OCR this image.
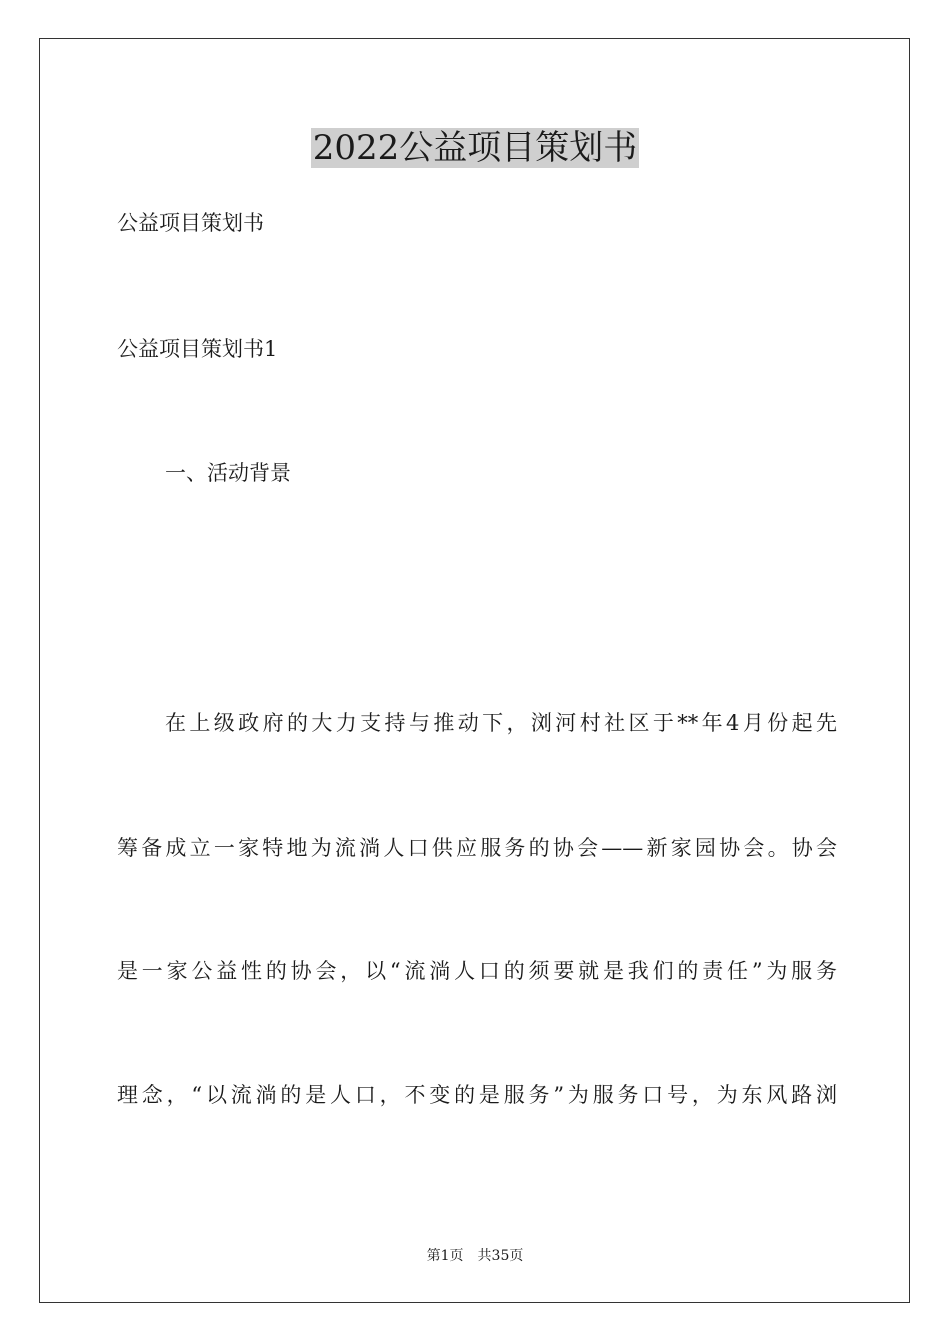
2022公益项目策划书

公益项目策划书

公益项目策划书1

一、活动背景

在上级政府的大力支持与推动下，浏河村社区于**年4月份起先

筹备成立一家特地为流淌人口供应服务的协会——新家园协会。协会

是一家公益性的协会，以“流淌人口的须要就是我们的责任”为服务

理念，“以流淌的是人口，不变的是服务”为服务口号，为东风路浏

第1页 共35页
